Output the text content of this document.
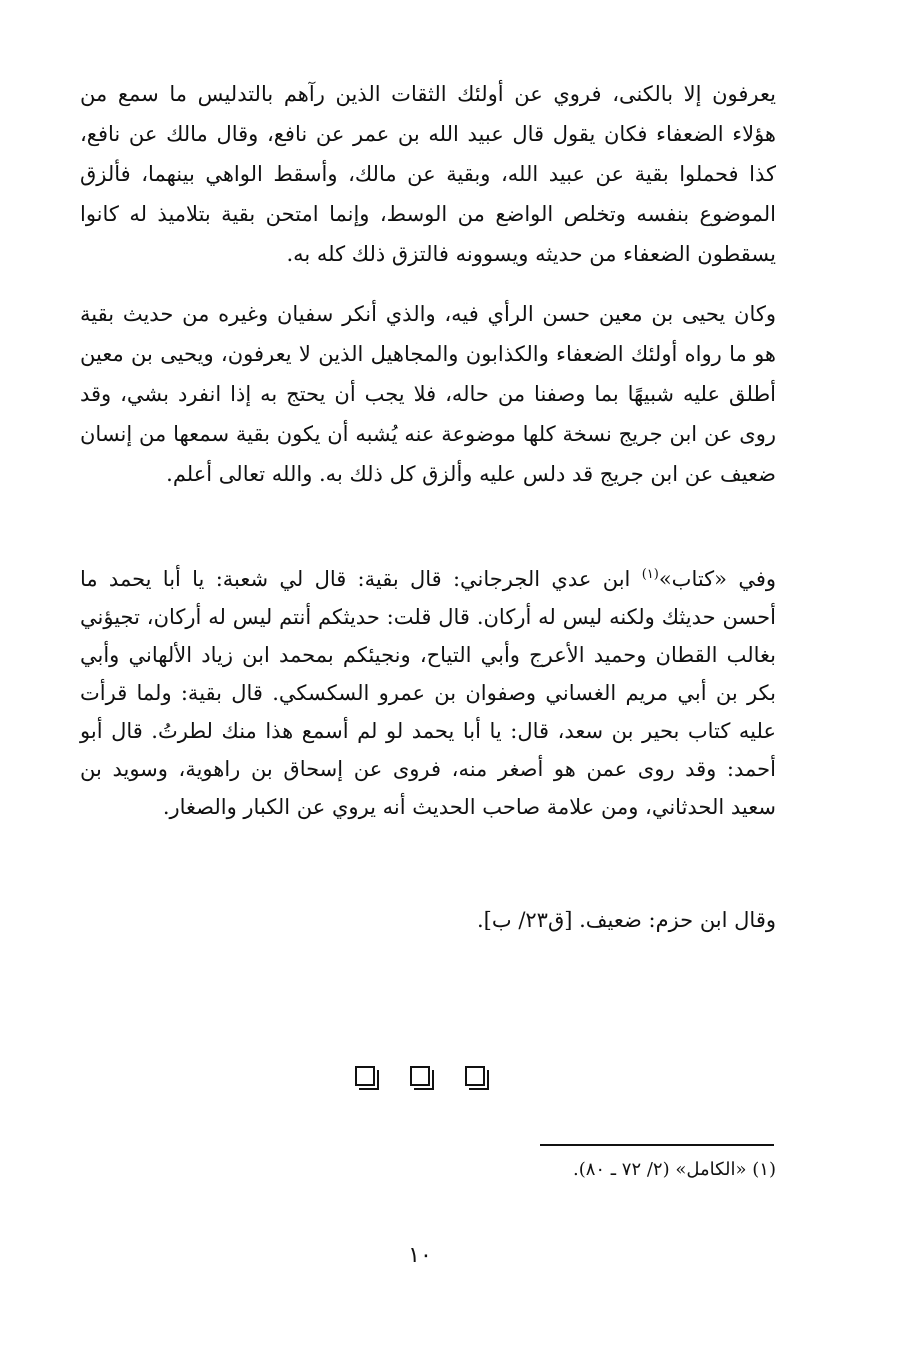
يعرفون إلا بالكنى، فروي عن أولئك الثقات الذين رآهم بالتدليس ما سمع من هؤلاء الضعفاء فكان يقول قال عبيد الله بن عمر عن نافع، وقال مالك عن نافع، كذا فحملوا بقية عن عبيد الله، وبقية عن مالك، وأسقط الواهي بينهما، فألزق الموضوع بنفسه وتخلص الواضع من الوسط، وإنما امتحن بقية بتلاميذ له كانوا يسقطون الضعفاء من حديثه ويسوونه فالتزق ذلك كله به.

وكان يحيى بن معين حسن الرأي فيه، والذي أنكر سفيان وغيره من حديث بقية هو ما رواه أولئك الضعفاء والكذابون والمجاهيل الذين لا يعرفون، ويحيى بن معين أطلق عليه شبيهًا بما وصفنا من حاله، فلا يجب أن يحتج به إذا انفرد بشي، وقد روى عن ابن جريج نسخة كلها موضوعة عنه يُشبه أن يكون بقية سمعها من إنسان ضعيف عن ابن جريج قد دلس عليه وألزق كل ذلك به. والله تعالى أعلم.

وفي «كتاب»$^{(١)}$ ابن عدي الجرجاني: قال بقية: قال لي شعبة: يا أبا يحمد ما أحسن حديثك ولكنه ليس له أركان. قال قلت: حديثكم أنتم ليس له أركان، تجيؤني بغالب القطان وحميد الأعرج وأبي التياح، ونجيئكم بمحمد ابن زياد الألهاني وأبي بكر بن أبي مريم الغساني وصفوان بن عمرو السكسكي. قال بقية: ولما قرأت عليه كتاب بحير بن سعد، قال: يا أبا يحمد لو لم أسمع هذا منك لطرتُ. قال أبو أحمد: وقد روى عمن هو أصغر منه، فروى عن إسحاق بن راهوية، وسويد بن سعيد الحدثاني، ومن علامة صاحب الحديث أنه يروي عن الكبار والصغار.

وقال ابن حزم: ضعيف. [ق٢٣/ ب].

(١) «الكامل» (٢/ ٧٢ ـ ٨٠).
١٠
